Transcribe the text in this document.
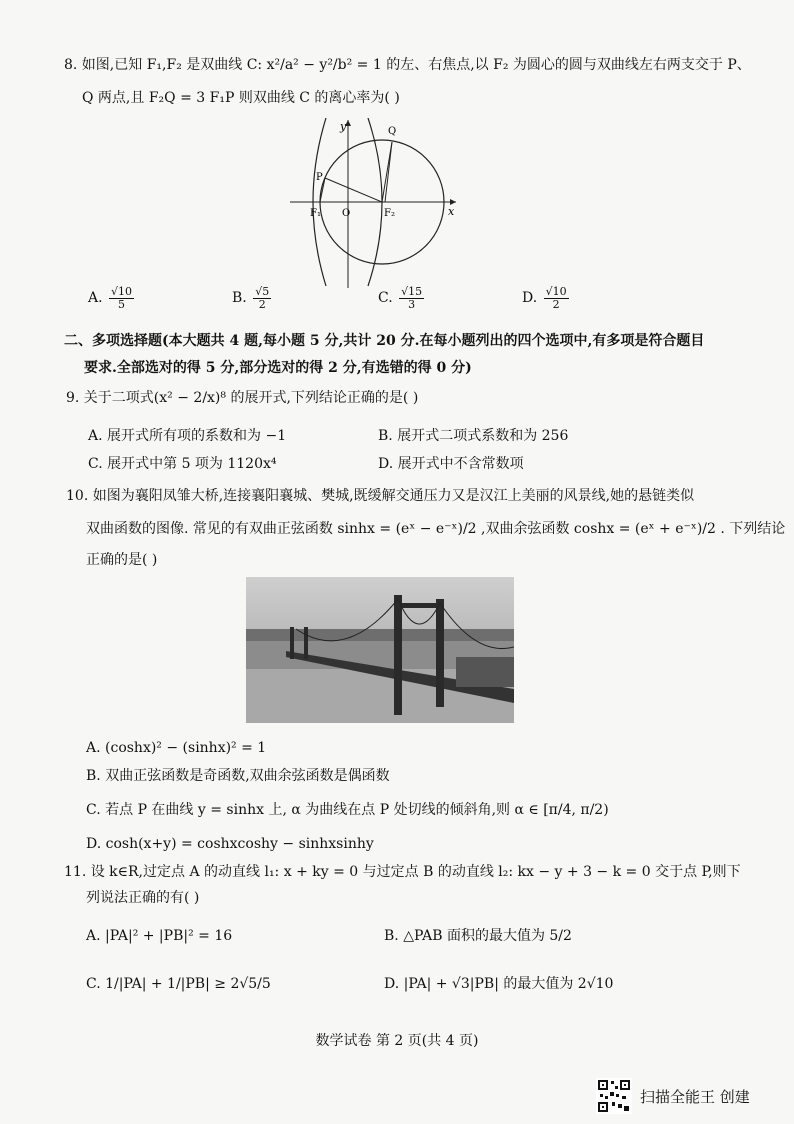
8. 如图,已知 F₁,F₂ 是双曲线 C: x²/a² − y²/b² = 1 的左、右焦点,以 F₂ 为圆心的圆与双曲线左右两支交于 P、
Q 两点,且 F₂Q = 3 F₁P 则双曲线 C 的离心率为( )
y
x
O
F₁	F₂
P
Q
A. $\frac{√10}{5}$	B. $\frac{√5}{2}$	C. $\frac{√15}{3}$	D. $\frac{√10}{2}$
二、多项选择题(本大题共 4 题,每小题 5 分,共计 20 分.在每小题列出的四个选项中,有多项是符合题目
要求.全部选对的得 5 分,部分选对的得 2 分,有选错的得 0 分)
9. 关于二项式(x² − 2/x)⁸ 的展开式,下列结论正确的是( )
A. 展开式所有项的系数和为 −1	B. 展开式二项式系数和为 256
C. 展开式中第 5 项为 1120x⁴	D. 展开式中不含常数项
10. 如图为襄阳凤雏大桥,连接襄阳襄城、樊城,既缓解交通压力又是汉江上美丽的风景线,她的悬链类似
双曲函数的图像. 常见的有双曲正弦函数 sinhx = (eˣ − e⁻ˣ)/2 ,双曲余弦函数 coshx = (eˣ + e⁻ˣ)/2 . 下列结论
正确的是( )
A. (coshx)² − (sinhx)² = 1
B. 双曲正弦函数是奇函数,双曲余弦函数是偶函数
C. 若点 P 在曲线 y = sinhx 上, α 为曲线在点 P 处切线的倾斜角,则 α ∈ [π/4, π/2)
D. cosh(x+y) = coshxcoshy − sinhxsinhy
11. 设 k∈R,过定点 A 的动直线 l₁: x + ky = 0 与过定点 B 的动直线 l₂: kx − y + 3 − k = 0 交于点 P,则下
列说法正确的有( )
A. |PA|² + |PB|² = 16	B. △PAB 面积的最大值为 5/2
C. 1/|PA| + 1/|PB| ≥ 2√5/5	D. |PA| + √3|PB| 的最大值为 2√10
数学试卷 第 2 页(共 4 页)
扫描全能王 创建
